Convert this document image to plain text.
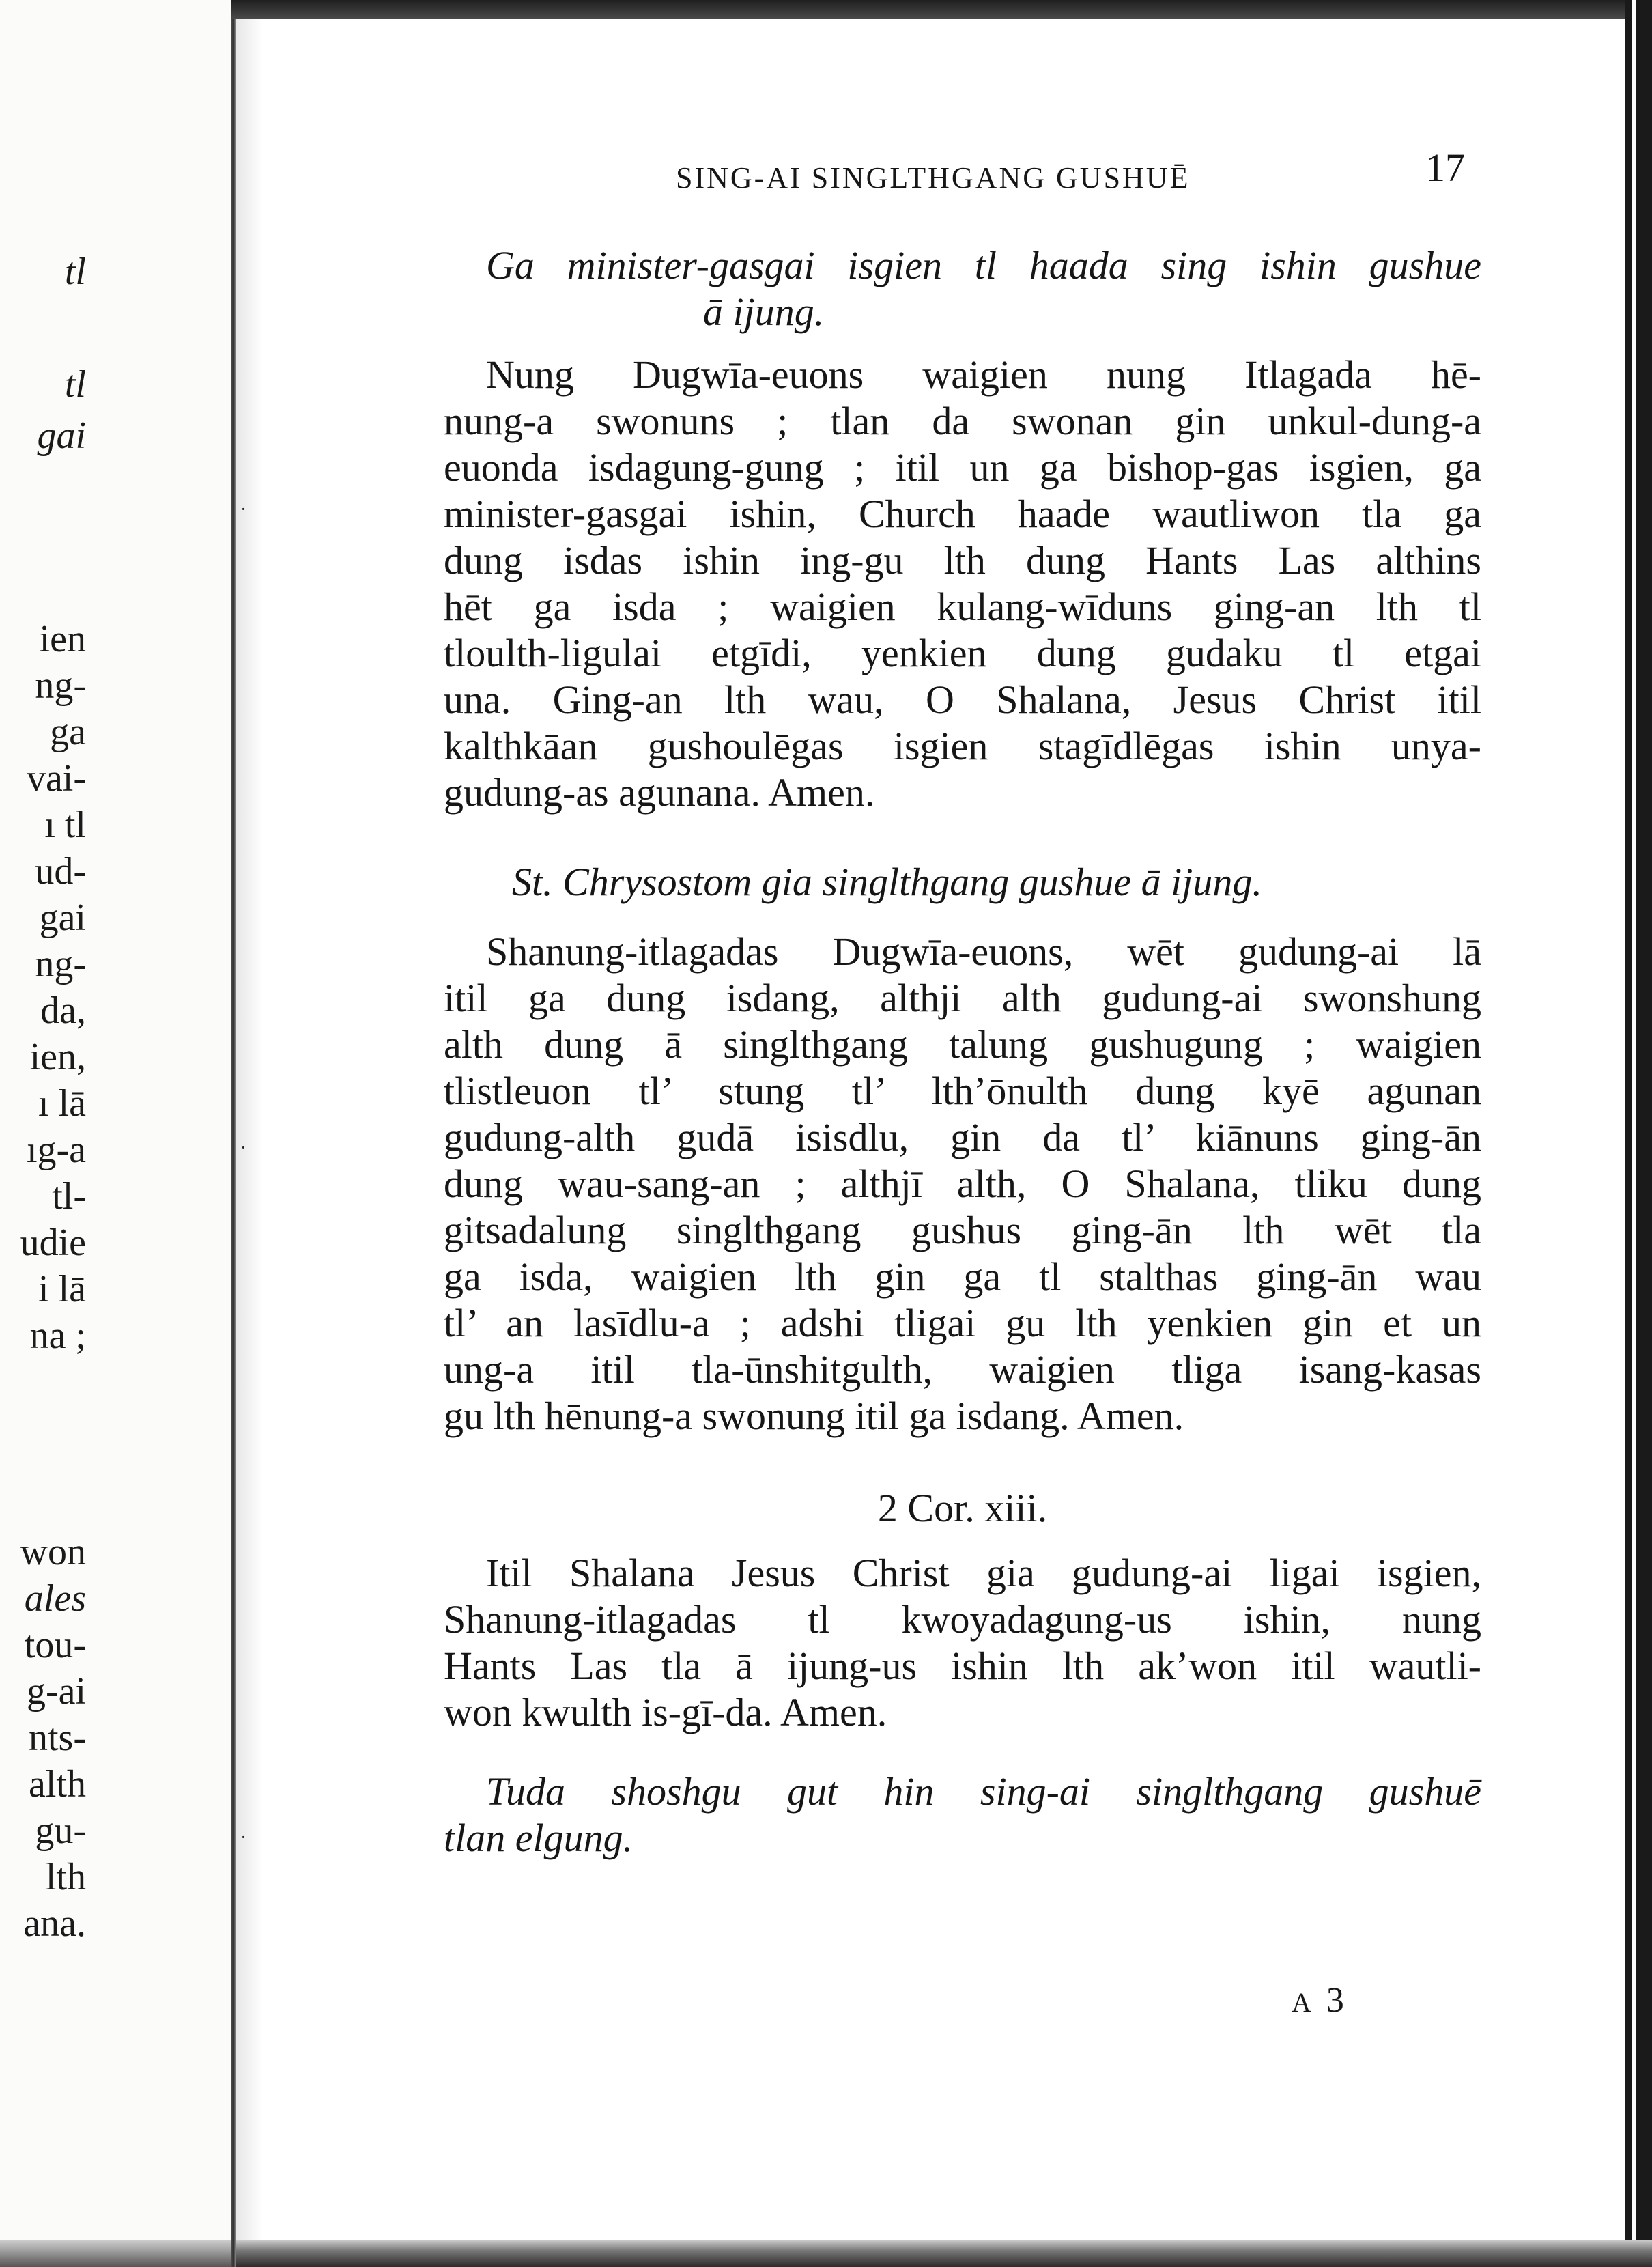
tl
tl
gai
ien
ng-
ga
vai-
ı tl
ud-
gai
ng-
da,
ien,
ı lā
ıg-a
tl-
udie
i lā
na ;
won
ales
tou-
g-ai
nts-
alth
gu-
lth
ana.
·
·
·
SING-AI SINGLTHGANG GUSHUĒ	17
Ga minister-gasgai isgien tl haada sing ishin gushue
ā ijung.
Nung Dugwīa-euons waigien nung Itlagada hē-
nung-a swonuns ; tlan da swonan gin unkul-dung-a
euonda isdagung-gung ; itil un ga bishop-gas isgien, ga
minister-gasgai ishin, Church haade wautliwon tla ga
dung isdas ishin ing-gu lth dung Hants Las althins
hēt ga isda ; waigien kulang-wīduns ging-an lth tl
tloulth-ligulai etgīdi, yenkien dung gudaku tl etgai
una. Ging-an lth wau, O Shalana, Jesus Christ itil
kalthkāan gushoulēgas isgien stagīdlēgas ishin unya-
gudung-as agunana. Amen.
St. Chrysostom gia singlthgang gushue ā ijung.
Shanung-itlagadas Dugwīa-euons, wēt gudung-ai lā
itil ga dung isdang, althji alth gudung-ai swonshung
alth dung ā singlthgang talung gushugung ; waigien
tlistleuon tl’ stung tl’ lth’ōnulth dung kyē agunan
gudung-alth gudā isisdlu, gin da tl’ kiānuns ging-ān
dung wau-sang-an ; althjī alth, O Shalana, tliku dung
gitsadalung singlthgang gushus ging-ān lth wēt tla
ga isda, waigien lth gin ga tl stalthas ging-ān wau
tl’ an lasīdlu-a ; adshi tligai gu lth yenkien gin et un
ung-a itil tla-ūnshitgulth, waigien tliga isang-kasas
gu lth hēnung-a swonung itil ga isdang. Amen.
2 Cor. xiii.
Itil Shalana Jesus Christ gia gudung-ai ligai isgien,
Shanung-itlagadas tl kwoyadagung-us ishin, nung
Hants Las tla ā ijung-us ishin lth ak’won itil wautli-
won kwulth is-gī-da. Amen.
Tuda shoshgu gut hin sing-ai singlthgang gushuē
tlan elgung.
A 3
